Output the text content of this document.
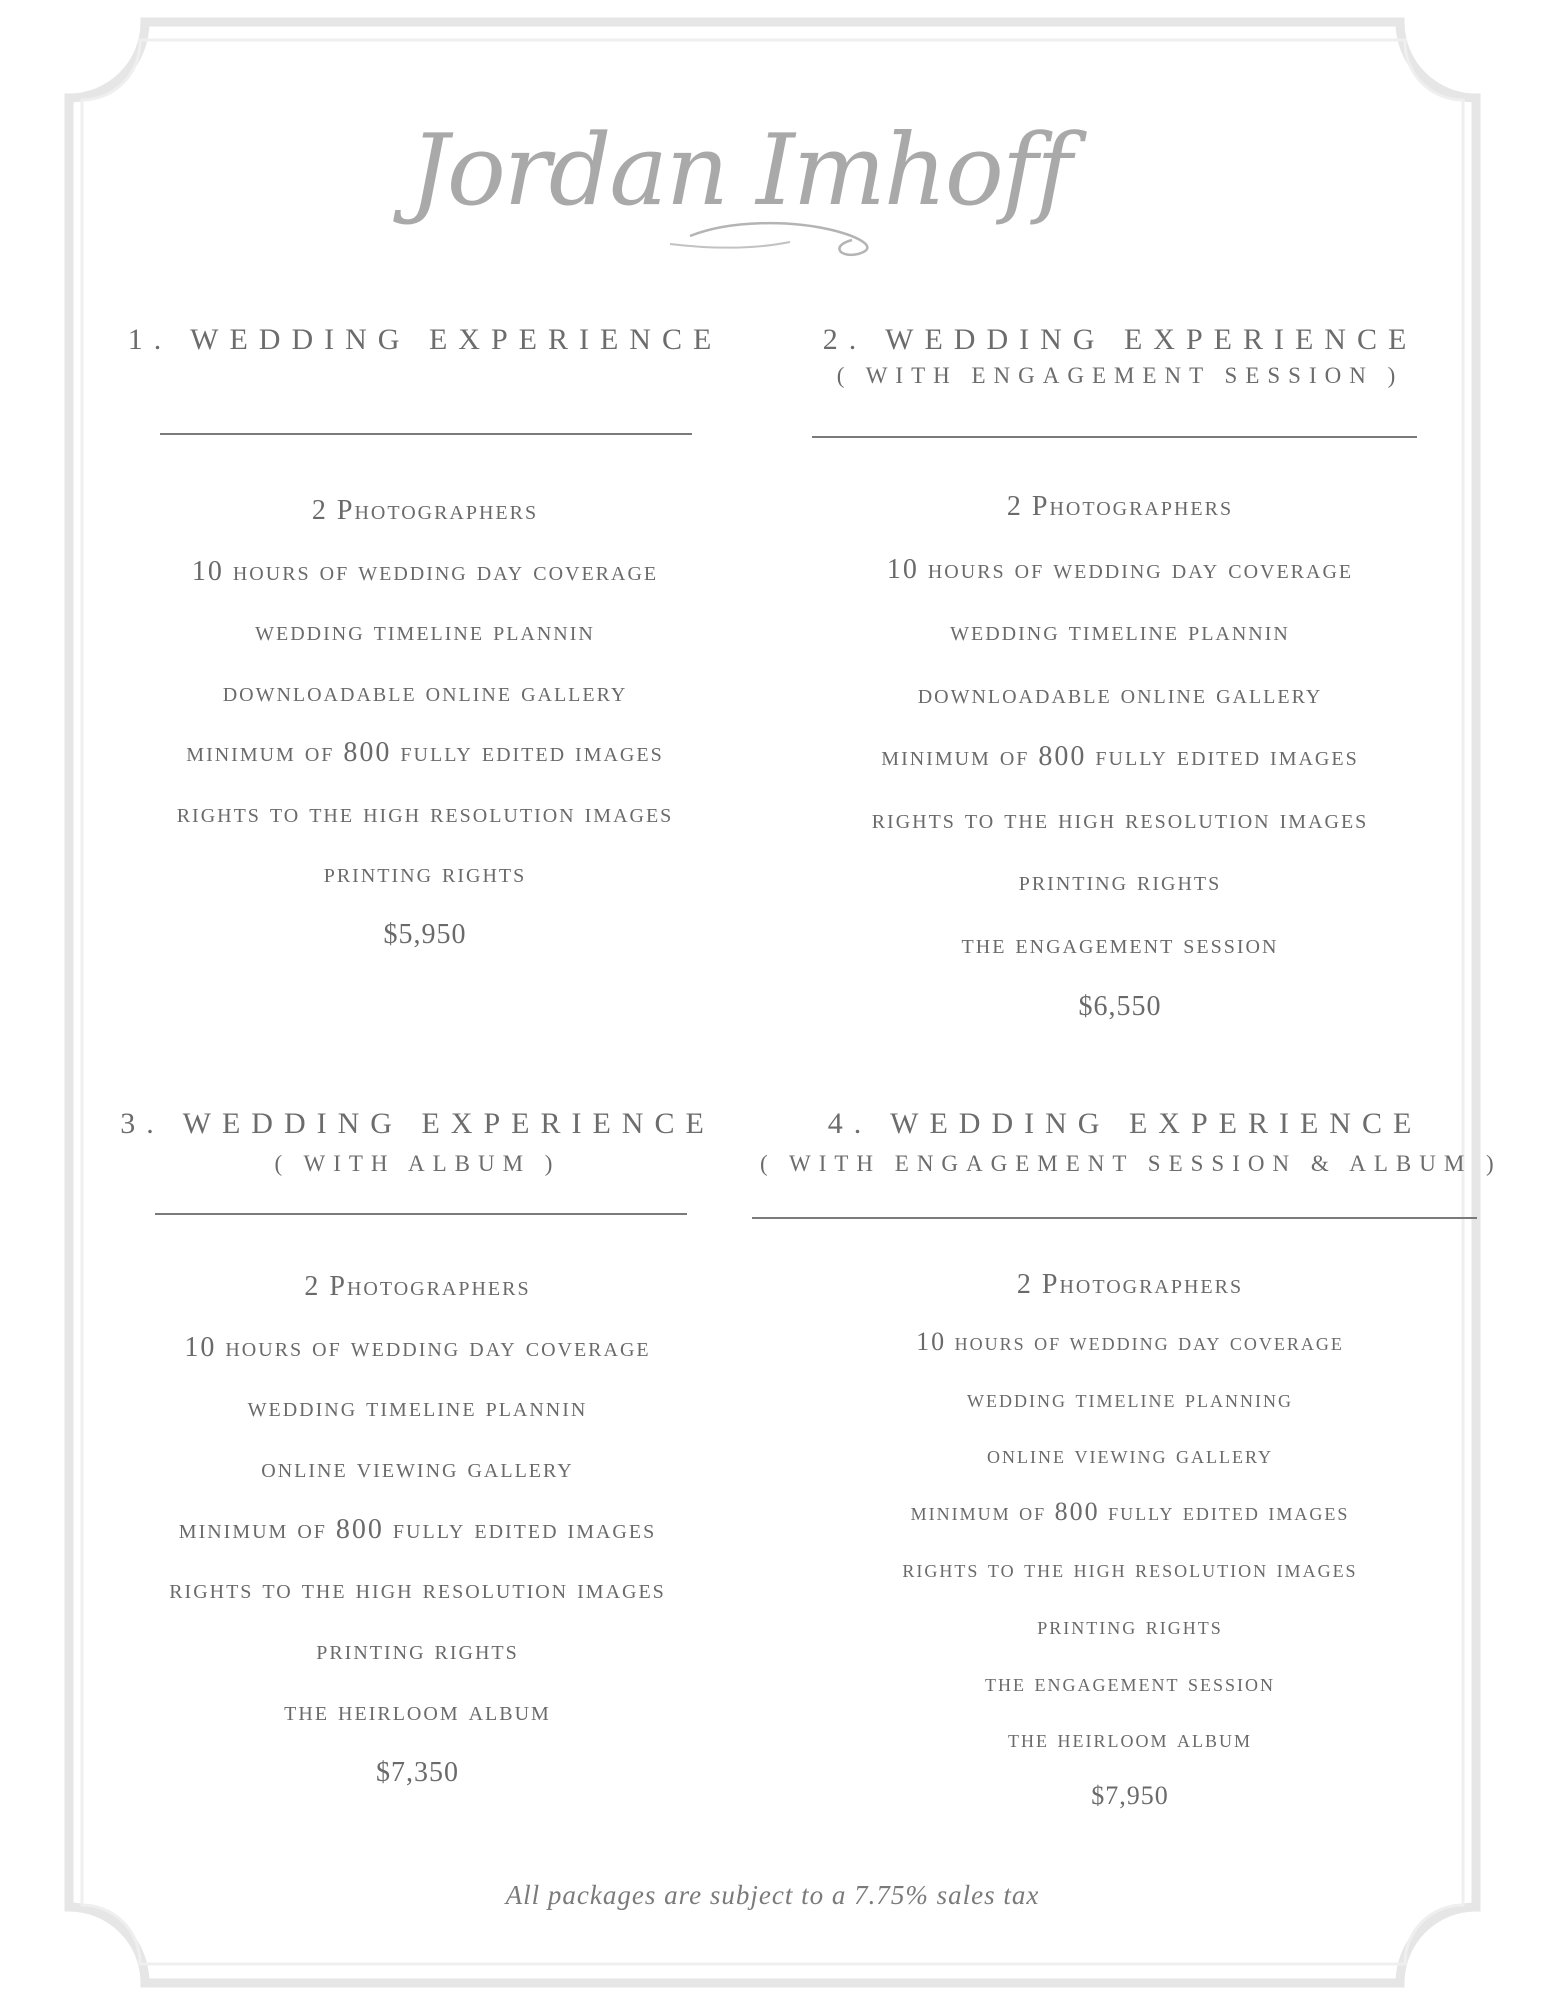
Jordan Imhoff
1. WEDDING EXPERIENCE
2 Photographers
10 hours of wedding day coverage
wedding timeline plannin
downloadable online gallery
minimum of 800 fully edited images
rights to the high resolution images
printing rights
$5,950
2. WEDDING EXPERIENCE
( WITH ENGAGEMENT SESSION )
2 Photographers
10 hours of wedding day coverage
wedding timeline plannin
downloadable online gallery
minimum of 800 fully edited images
rights to the high resolution images
printing rights
the engagement session
$6,550
3. WEDDING EXPERIENCE
( WITH ALBUM )
2 Photographers
10 hours of wedding day coverage
wedding timeline plannin
online viewing gallery
minimum of 800 fully edited images
rights to the high resolution images
printing rights
the heirloom album
$7,350
4. WEDDING EXPERIENCE
( WITH ENGAGEMENT SESSION & ALBUM )
2 Photographers
10 hours of wedding day coverage
wedding timeline planning
online viewing gallery
minimum of 800 fully edited images
rights to the high resolution images
printing rights
the engagement session
the heirloom album
$7,950
All packages are subject to a 7.75% sales tax
